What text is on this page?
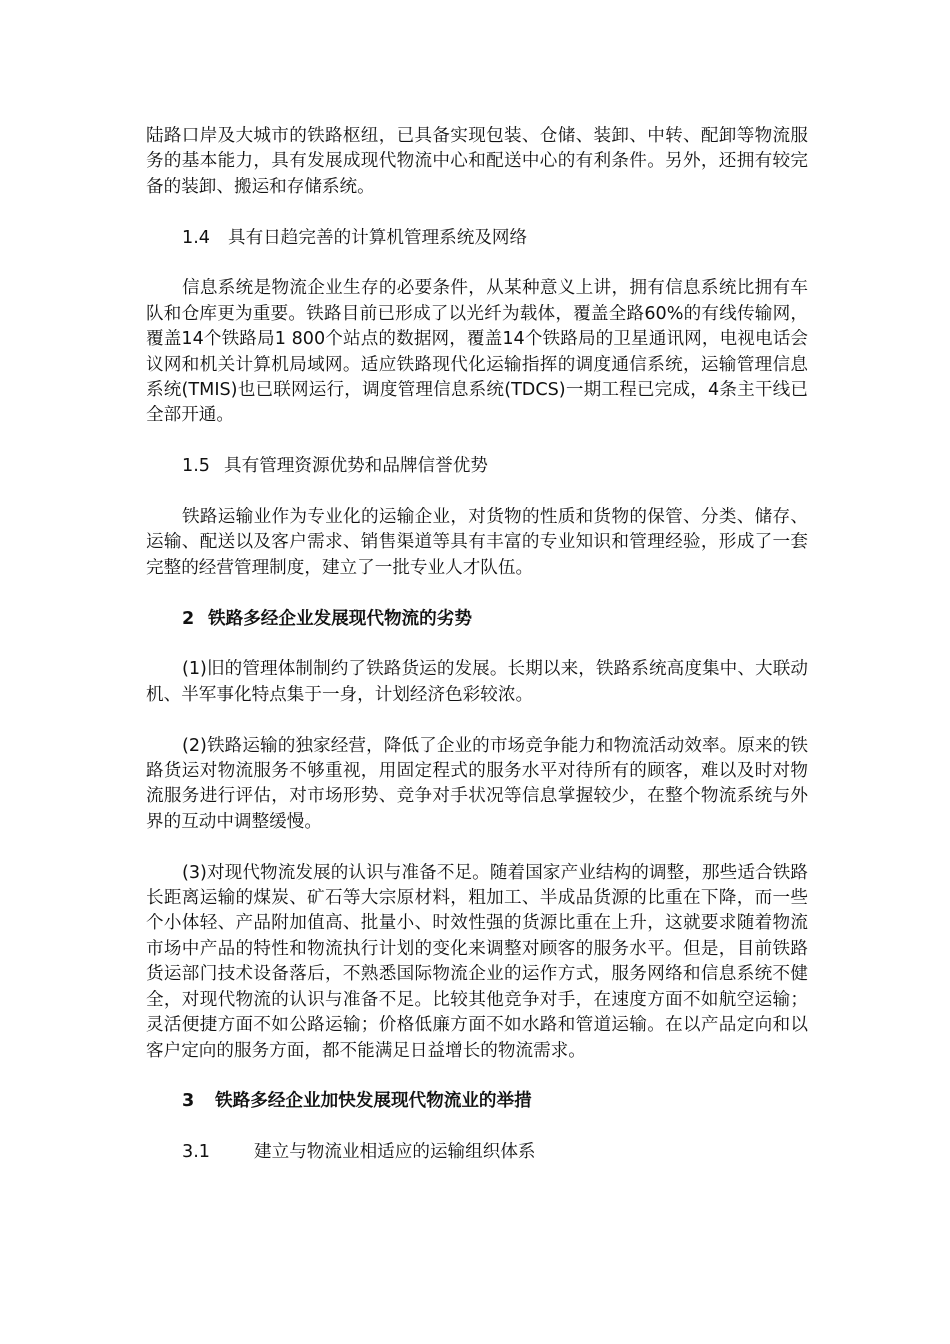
陆路口岸及大城市的铁路枢纽，已具备实现包装、仓储、装卸、中转、配卸等物流服务的基本能力，具有发展成现代物流中心和配送中心的有利条件。另外，还拥有较完备的装卸、搬运和存储系统。

1.4 具有日趋完善的计算机管理系统及网络

信息系统是物流企业生存的必要条件，从某种意义上讲，拥有信息系统比拥有车队和仓库更为重要。铁路目前已形成了以光纤为载体，覆盖全路60%的有线传输网，覆盖14个铁路局1 800个站点的数据网，覆盖14个铁路局的卫星通讯网，电视电话会议网和机关计算机局域网。适应铁路现代化运输指挥的调度通信系统，运输管理信息系统(TMIS)也已联网运行，调度管理信息系统(TDCS)一期工程已完成，4条主干线已全部开通。

1.5 具有管理资源优势和品牌信誉优势

铁路运输业作为专业化的运输企业，对货物的性质和货物的保管、分类、储存、运输、配送以及客户需求、销售渠道等具有丰富的专业知识和管理经验，形成了一套完整的经营管理制度，建立了一批专业人才队伍。

2 铁路多经企业发展现代物流的劣势

(1)旧的管理体制制约了铁路货运的发展。长期以来，铁路系统高度集中、大联动机、半军事化特点集于一身，计划经济色彩较浓。

(2)铁路运输的独家经营，降低了企业的市场竞争能力和物流活动效率。原来的铁路货运对物流服务不够重视，用固定程式的服务水平对待所有的顾客，难以及时对物流服务进行评估，对市场形势、竞争对手状况等信息掌握较少，在整个物流系统与外界的互动中调整缓慢。

(3)对现代物流发展的认识与准备不足。随着国家产业结构的调整，那些适合铁路长距离运输的煤炭、矿石等大宗原材料，粗加工、半成品货源的比重在下降，而一些个小体轻、产品附加值高、批量小、时效性强的货源比重在上升，这就要求随着物流市场中产品的特性和物流执行计划的变化来调整对顾客的服务水平。但是，目前铁路货运部门技术设备落后，不熟悉国际物流企业的运作方式，服务网络和信息系统不健全，对现代物流的认识与准备不足。比较其他竞争对手，在速度方面不如航空运输；灵活便捷方面不如公路运输；价格低廉方面不如水路和管道运输。在以产品定向和以客户定向的服务方面，都不能满足日益增长的物流需求。

3 铁路多经企业加快发展现代物流业的举措

3.1	建立与物流业相适应的运输组织体系
